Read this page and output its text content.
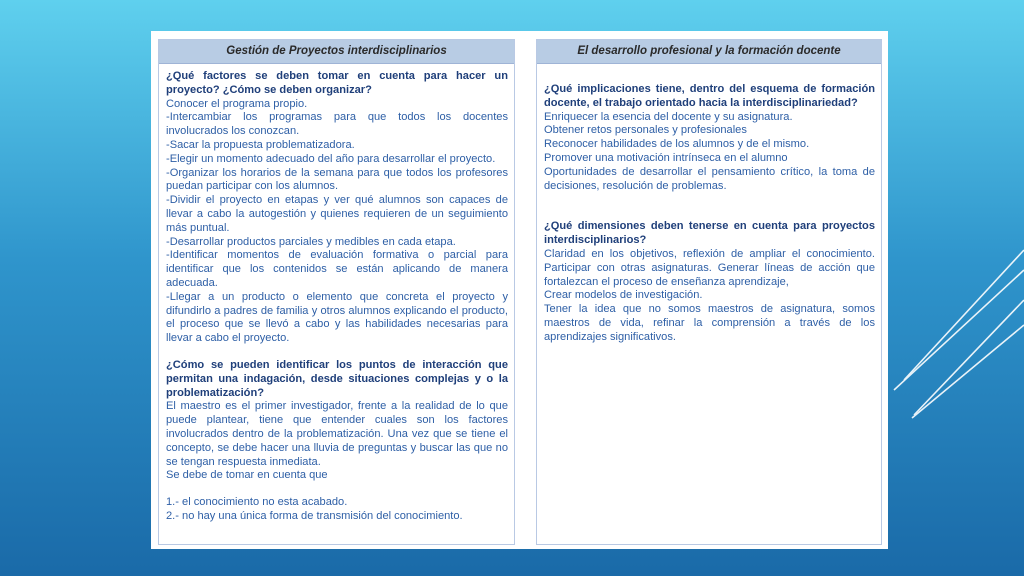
Gestión de Proyectos interdisciplinarios

¿Qué factores se deben tomar en cuenta para hacer un proyecto? ¿Cómo se deben organizar?

Conocer el programa propio.

-Intercambiar los programas para que todos los docentes involucrados los conozcan.

-Sacar la propuesta problematizadora.

-Elegir un momento adecuado del año para desarrollar el proyecto.

-Organizar los horarios de la semana para que todos los profesores puedan participar con los alumnos.

-Dividir el proyecto en etapas y ver qué alumnos son capaces de llevar a cabo la autogestión y quienes requieren de un seguimiento más puntual.

-Desarrollar productos parciales y medibles en cada etapa.

-Identificar momentos de evaluación formativa o parcial para identificar que los contenidos se están aplicando de manera adecuada.

-Llegar a un producto o elemento que concreta el proyecto y difundirlo a padres de familia y otros alumnos explicando el producto, el proceso que se llevó a cabo y las habilidades necesarias para llevar a cabo el proyecto.

¿Cómo se pueden identificar los puntos de interacción que permitan una indagación, desde situaciones complejas y o la problematización?

El maestro es el primer investigador, frente a la realidad de lo que puede plantear, tiene que entender cuales son los factores involucrados dentro de la problematización. Una vez que se tiene el concepto, se debe hacer una lluvia de preguntas y buscar las que no se tengan respuesta inmediata.

Se debe de tomar en cuenta que

1.- el conocimiento no esta acabado.

2.- no hay una única forma de transmisión del conocimiento.

El desarrollo profesional y la formación docente

¿Qué implicaciones tiene, dentro del esquema de formación docente, el trabajo orientado hacia la interdisciplinariedad?

Enriquecer la esencia del docente y su asignatura.

Obtener retos personales y profesionales

Reconocer habilidades de los alumnos y de el mismo.

Promover una motivación intrínseca en el alumno

Oportunidades de desarrollar el pensamiento crítico, la toma de decisiones, resolución de problemas.

¿Qué dimensiones deben tenerse en cuenta para proyectos interdisciplinarios?

Claridad en los objetivos, reflexión de ampliar el conocimiento. Participar con otras asignaturas. Generar líneas de acción que fortalezcan el proceso de enseñanza aprendizaje,

Crear modelos de investigación.

Tener la idea que no somos maestros de asignatura, somos maestros de vida, refinar la comprensión a través de los aprendizajes significativos.
